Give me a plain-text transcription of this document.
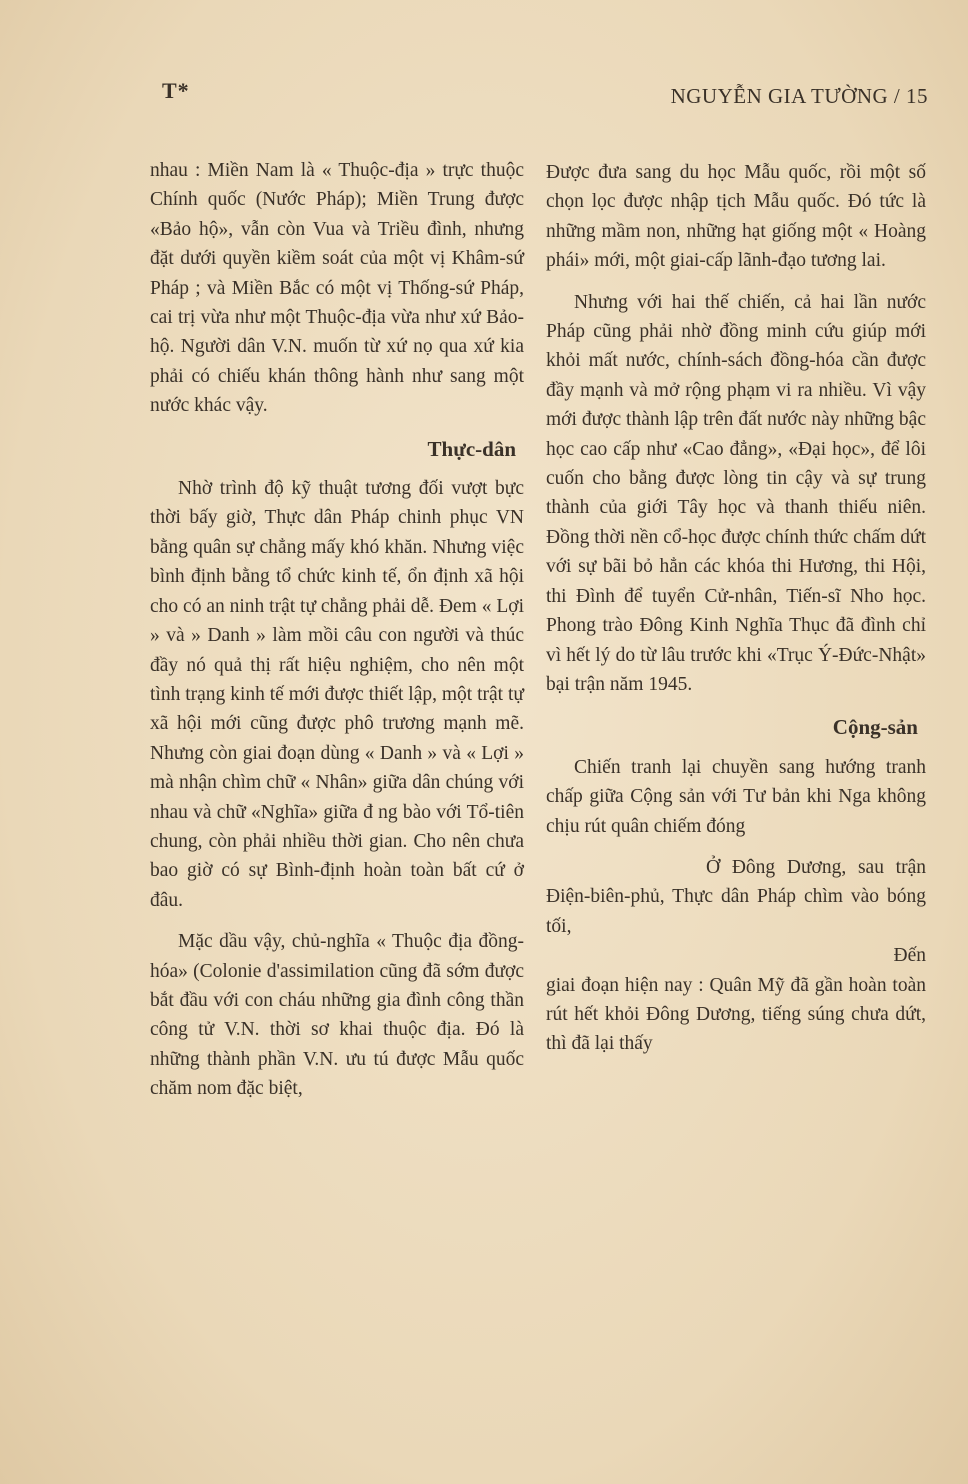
T*	NGUYỄN GIA TƯỜNG / 15

nhau : Miền Nam là « Thuộc-địa » trực thuộc Chính quốc (Nước Pháp); Miền Trung được «Bảo hộ», vẫn còn Vua và Triều đình, nhưng đặt dưới quyền kiềm soát của một vị Khâm-sứ Pháp ; và Miền Bắc có một vị Thống-sứ Pháp, cai trị vừa như một Thuộc-địa vừa như xứ Bảo-hộ. Người dân V.N. muốn từ xứ nọ qua xứ kia phải có chiếu khán thông hành như sang một nước khác vậy.

Thực-dân

Nhờ trình độ kỹ thuật tương đối vượt bực thời bấy giờ, Thực dân Pháp chinh phục VN bằng quân sự chẳng mấy khó khăn. Nhưng việc bình định bằng tổ chức kinh tế, ổn định xã hội cho có an ninh trật tự chẳng phải dễ. Đem « Lợi » và » Danh » làm mồi câu con người và thúc đầy nó quả thị rất hiệu nghiệm, cho nên một tình trạng kinh tế mới được thiết lập, một trật tự xã hội mới cũng được phô trương mạnh mẽ. Nhưng còn giai đoạn dùng « Danh » và « Lợi » mà nhận chìm chữ « Nhân» giữa dân chúng với nhau và chữ «Nghĩa» giữa đ ng bào với Tổ-tiên chung, còn phải nhiều thời gian. Cho nên chưa bao giờ có sự Bình-định hoàn toàn bất cứ ở đâu.

Mặc dầu vậy, chủ-nghĩa « Thuộc địa đồng-hóa» (Colonie d'assimilation cũng đã sớm được bắt đầu với con cháu những gia đình công thần công tử V.N. thời sơ khai thuộc địa. Đó là những thành phần V.N. ưu tú được Mẫu quốc chăm nom đặc biệt,

Được đưa sang du học Mẫu quốc, rồi một số chọn lọc được nhập tịch Mẫu quốc. Đó tức là những mầm non, những hạt giống một « Hoàng phái» mới, một giai-cấp lãnh-đạo tương lai.

Nhưng với hai thế chiến, cả hai lần nước Pháp cũng phải nhờ đồng minh cứu giúp mới khỏi mất nước, chính-sách đồng-hóa cần được đầy mạnh và mở rộng phạm vi ra nhiều. Vì vậy mới được thành lập trên đất nước này những bậc học cao cấp như «Cao đẳng», «Đại học», để lôi cuốn cho bằng được lòng tin cậy và sự trung thành của giới Tây học và thanh thiếu niên. Đồng thời nền cổ-học được chính thức chấm dứt với sự bãi bỏ hẳn các khóa thi Hương, thi Hội, thi Đình để tuyển Cử-nhân, Tiến-sĩ Nho học. Phong trào Đông Kinh Nghĩa Thục đã đình chỉ vì hết lý do từ lâu trước khi «Trục Ý-Đức-Nhật» bại trận năm 1945.

Cộng-sản

Chiến tranh lại chuyền sang hướng tranh chấp giữa Cộng sản với Tư bản khi Nga không chịu rút quân chiếm đóng

Ở Đông Dương, sau trận Điện-biên-phủ, Thực dân Pháp chìm vào bóng tối,

Đến

giai đoạn hiện nay : Quân Mỹ đã gần hoàn toàn rút hết khỏi Đông Dương, tiếng súng chưa dứt, thì đã lại thấy
